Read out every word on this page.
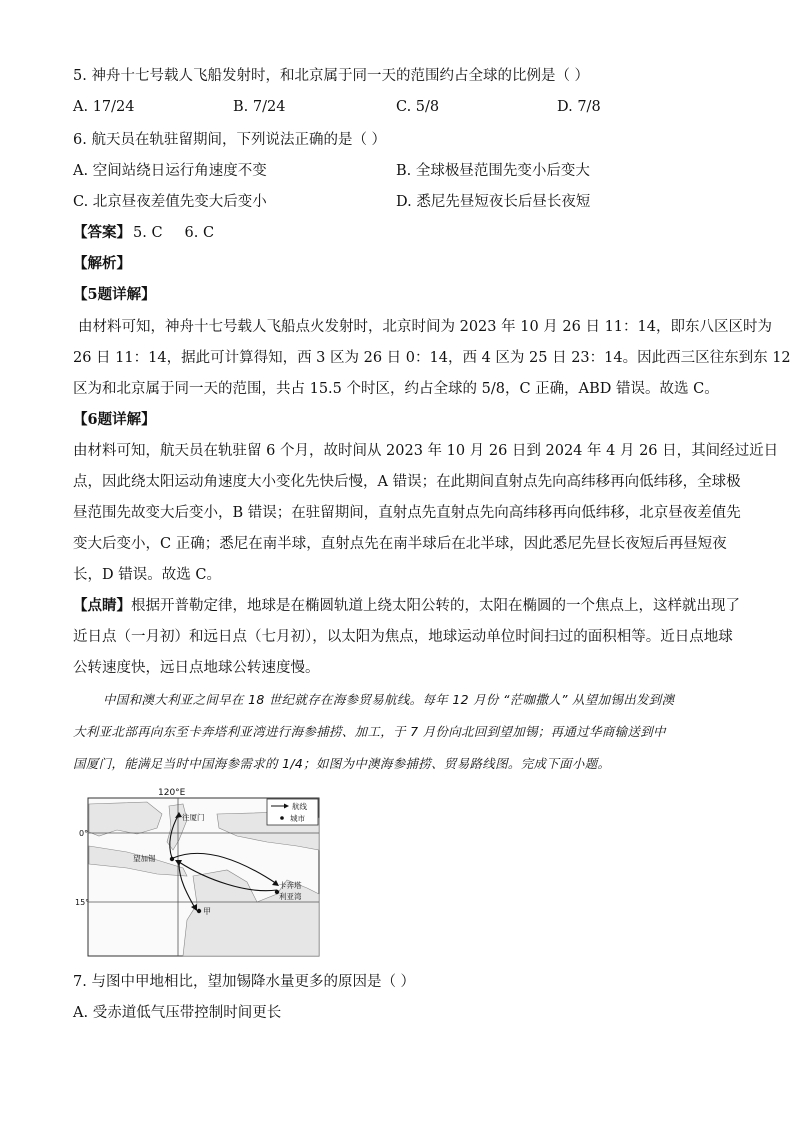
5. 神舟十七号载人飞船发射时，和北京属于同一天的范围约占全球的比例是（ ）
A. 17/24	B. 7/24	C. 5/8	D. 7/8
6. 航天员在轨驻留期间，下列说法正确的是（ ）
A. 空间站绕日运行角速度不变	B. 全球极昼范围先变小后变大
C. 北京昼夜差值先变大后变小	D. 悉尼先昼短夜长后昼长夜短
【答案】 5. C 6. C
【解析】
【5题详解】
由材料可知，神舟十七号载人飞船点火发射时，北京时间为 2023 年 10 月 26 日 11：14，即东八区区时为
26 日 11：14，据此可计算得知，西 3 区为 26 日 0：14，西 4 区为 25 日 23：14。因此西三区往东到东 12
区为和北京属于同一天的范围，共占 15.5 个时区，约占全球的 5/8，C 正确，ABD 错误。故选 C。
【6题详解】
由材料可知，航天员在轨驻留 6 个月，故时间从 2023 年 10 月 26 日到 2024 年 4 月 26 日，其间经过近日
点，因此绕太阳运动角速度大小变化先快后慢，A 错误；在此期间直射点先向高纬移再向低纬移，全球极
昼范围先故变大后变小，B 错误；在驻留期间，直射点先直射点先向高纬移再向低纬移，北京昼夜差值先
变大后变小，C 正确；悉尼在南半球，直射点先在南半球后在北半球，因此悉尼先昼长夜短后再昼短夜
长，D 错误。故选 C。
【点睛】根据开普勒定律，地球是在椭圆轨道上绕太阳公转的，太阳在椭圆的一个焦点上，这样就出现了
近日点（一月初）和远日点（七月初），以太阳为焦点，地球运动单位时间扫过的面积相等。近日点地球
公转速度快，远日点地球公转速度慢。
中国和澳大利亚之间早在 18 世纪就存在海参贸易航线。每年 12 月份 “茫咖撒人” 从望加锡出发到澳
大利亚北部再向东至卡奔塔利亚湾进行海参捕捞、加工，于 7 月份向北回到望加锡；再通过华商输送到中
国厦门，能满足当时中国海参需求的 1/4；如图为中澳海参捕捞、贸易路线图。完成下面小题。
120°E
0°
15°
航线
城市
往厦门
望加锡
卡奔塔
利亚湾
甲
7. 与图中甲地相比，望加锡降水量更多的原因是（ ）
A. 受赤道低气压带控制时间更长
